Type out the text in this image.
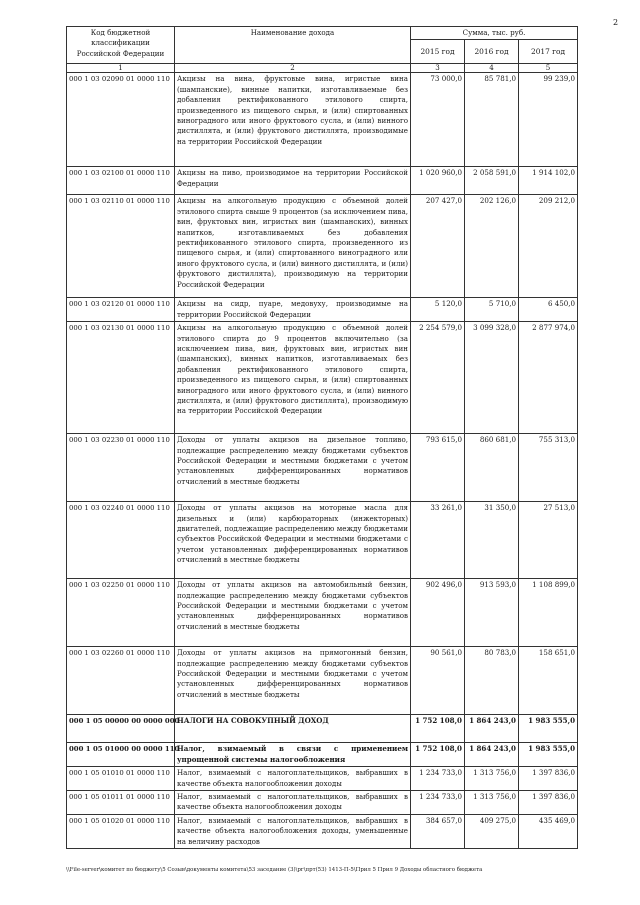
2
Код бюджетной классификации Российской Федерации	Наименование дохода	Сумма, тыс. руб.		
		2015 год	2016 год	2017 год
1	2	3	4	5
000 1 03 02090 01 0000 110	Акцизы на вина, фруктовые вина, игристые вина (шампанские), винные напитки, изготавливаемые без добавления ректификованного этилового спирта, произведенного из пищевого сырья, и (или) спиртованных виноградного или иного фруктового сусла, и (или) винного дистиллята, и (или) фруктового дистиллята, производимые на территории Российской Федерации	73 000,0	85 781,0	99 239,0
000 1 03 02100 01 0000 110	Акцизы на пиво, производимое на территории Российской Федерации	1 020 960,0	2 058 591,0	1 914 102,0
000 1 03 02110 01 0000 110	Акцизы на алкогольную продукцию с объемной долей этилового спирта свыше 9 процентов (за исключением пива, вин, фруктовых вин, игристых вин (шампанских), винных напитков, изготавливаемых без добавления ректификованного этилового спирта, произведенного из пищевого сырья, и (или) спиртованного виноградного или иного фруктового сусла, и (или) винного дистиллята, и (или) фруктового дистиллята), производимую на территории Российской Федерации	207 427,0	202 126,0	209 212,0
000 1 03 02120 01 0000 110	Акцизы на сидр, пуаре, медовуху, производимые на территории Российской Федерации	5 120,0	5 710,0	6 450,0
000 1 03 02130 01 0000 110	Акцизы на алкогольную продукцию с объемной долей этилового спирта до 9 процентов включительно (за исключением пива, вин, фруктовых вин, игристых вин (шампанских), винных напитков, изготавливаемых без добавления ректификованного этилового спирта, произведенного из пищевого сырья, и (или) спиртованных виноградного или иного фруктового сусла, и (или) винного дистиллята, и (или) фруктового дистиллята), производимую на территории Российской Федерации	2 254 579,0	3 099 328,0	2 877 974,0
000 1 03 02230 01 0000 110	Доходы от уплаты акцизов на дизельное топливо, подлежащие распределению между бюджетами субъектов Российской Федерации и местными бюджетами с учетом установленных дифференцированных нормативов отчислений в местные бюджеты	793 615,0	860 681,0	755 313,0
000 1 03 02240 01 0000 110	Доходы от уплаты акцизов на моторные масла для дизельных и (или) карбюраторных (инжекторных) двигателей, подлежащие распределению между бюджетами субъектов Российской Федерации и местными бюджетами с учетом установленных дифференцированных нормативов отчислений в местные бюджеты	33 261,0	31 350,0	27 513,0
000 1 03 02250 01 0000 110	Доходы от уплаты акцизов на автомобильный бензин, подлежащие распределению между бюджетами субъектов Российской Федерации и местными бюджетами с учетом установленных дифференцированных нормативов отчислений в местные бюджеты	902 496,0	913 593,0	1 108 899,0
000 1 03 02260 01 0000 110	Доходы от уплаты акцизов на прямогонный бензин, подлежащие распределению между бюджетами субъектов Российской Федерации и местными бюджетами с учетом установленных дифференцированных нормативов отчислений в местные бюджеты	90 561,0	80 783,0	158 651,0
000 1 05 00000 00 0000 000	НАЛОГИ НА СОВОКУПНЫЙ ДОХОД	1 752 108,0	1 864 243,0	1 983 555,0
000 1 05 01000 00 0000 110	Налог, взимаемый в связи с применением упрощенной системы налогообложения	1 752 108,0	1 864 243,0	1 983 555,0
000 1 05 01010 01 0000 110	Налог, взимаемый с налогоплательщиков, выбравших в качестве объекта налогообложения доходы	1 234 733,0	1 313 756,0	1 397 836,0
000 1 05 01011 01 0000 110	Налог, взимаемый с налогоплательщиков, выбравших в качестве объекта налогообложения доходы	1 234 733,0	1 313 756,0	1 397 836,0
000 1 05 01020 01 0000 110	Налог, взимаемый с налогоплательщиков, выбравших в качестве объекта налогообложения доходы, уменьшенные на величину расходов	384 657,0	409 275,0	435 469,0
\\File-server\комитет по бюджету\5 Созыв\документы комитета\53 заседание (3)\рг\прт(53) 1413-П-5\Прил 5 Прил 9 Доходы областного бюджета
